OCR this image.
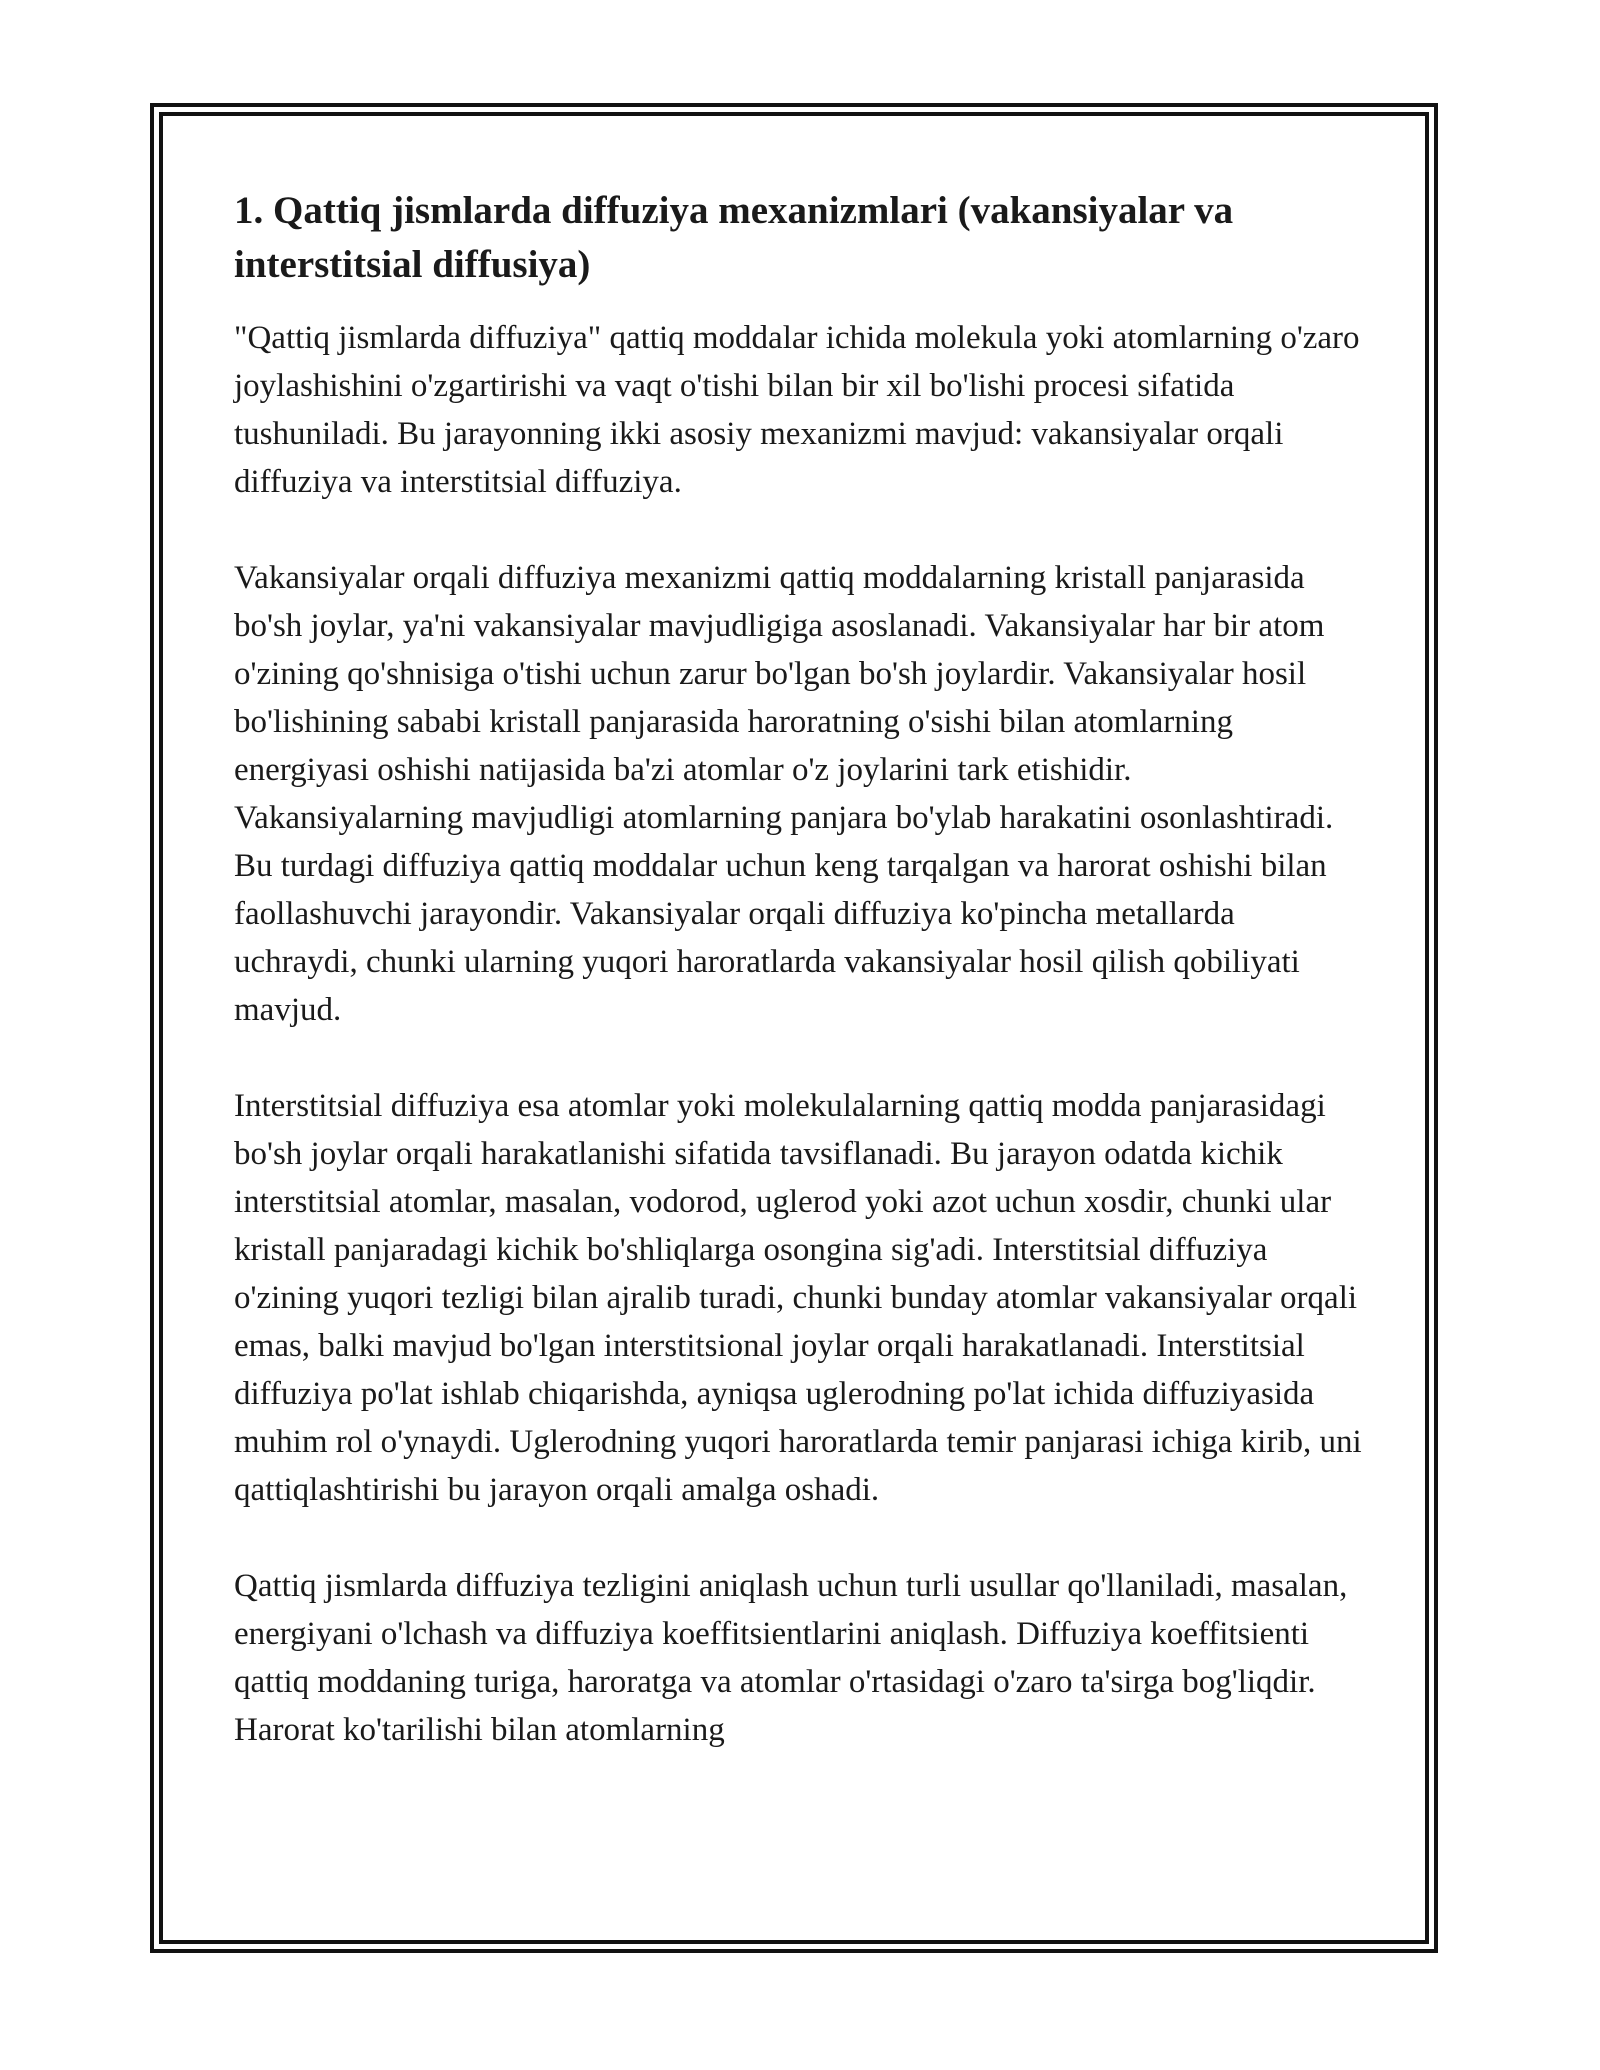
1. Qattiq jismlarda diffuziya mexanizmlari (vakansiyalar va interstitsial diffusiya)

"Qattiq jismlarda diffuziya" qattiq moddalar ichida molekula yoki atomlarning o'zaro joylashishini o'zgartirishi va vaqt o'tishi bilan bir xil bo'lishi procesi sifatida tushuniladi. Bu jarayonning ikki asosiy mexanizmi mavjud: vakansiyalar orqali diffuziya va interstitsial diffuziya.

Vakansiyalar orqali diffuziya mexanizmi qattiq moddalarning kristall panjarasida bo'sh joylar, ya'ni vakansiyalar mavjudligiga asoslanadi. Vakansiyalar har bir atom o'zining qo'shnisiga o'tishi uchun zarur bo'lgan bo'sh joylardir. Vakansiyalar hosil bo'lishining sababi kristall panjarasida haroratning o'sishi bilan atomlarning energiyasi oshishi natijasida ba'zi atomlar o'z joylarini tark etishidir. Vakansiyalarning mavjudligi atomlarning panjara bo'ylab harakatini osonlashtiradi. Bu turdagi diffuziya qattiq moddalar uchun keng tarqalgan va harorat oshishi bilan faollashuvchi jarayondir. Vakansiyalar orqali diffuziya ko'pincha metallarda uchraydi, chunki ularning yuqori haroratlarda vakansiyalar hosil qilish qobiliyati mavjud.

Interstitsial diffuziya esa atomlar yoki molekulalarning qattiq modda panjarasidagi bo'sh joylar orqali harakatlanishi sifatida tavsiflanadi. Bu jarayon odatda kichik interstitsial atomlar, masalan, vodorod, uglerod yoki azot uchun xosdir, chunki ular kristall panjaradagi kichik bo'shliqlarga osongina sig'adi. Interstitsial diffuziya o'zining yuqori tezligi bilan ajralib turadi, chunki bunday atomlar vakansiyalar orqali emas, balki mavjud bo'lgan interstitsional joylar orqali harakatlanadi. Interstitsial diffuziya po'lat ishlab chiqarishda, ayniqsa uglerodning po'lat ichida diffuziyasida muhim rol o'ynaydi. Uglerodning yuqori haroratlarda temir panjarasi ichiga kirib, uni qattiqlashtirishi bu jarayon orqali amalga oshadi.

Qattiq jismlarda diffuziya tezligini aniqlash uchun turli usullar qo'llaniladi, masalan, energiyani o'lchash va diffuziya koeffitsientlarini aniqlash. Diffuziya koeffitsienti qattiq moddaning turiga, haroratga va atomlar o'rtasidagi o'zaro ta'sirga bog'liqdir. Harorat ko'tarilishi bilan atomlarning
